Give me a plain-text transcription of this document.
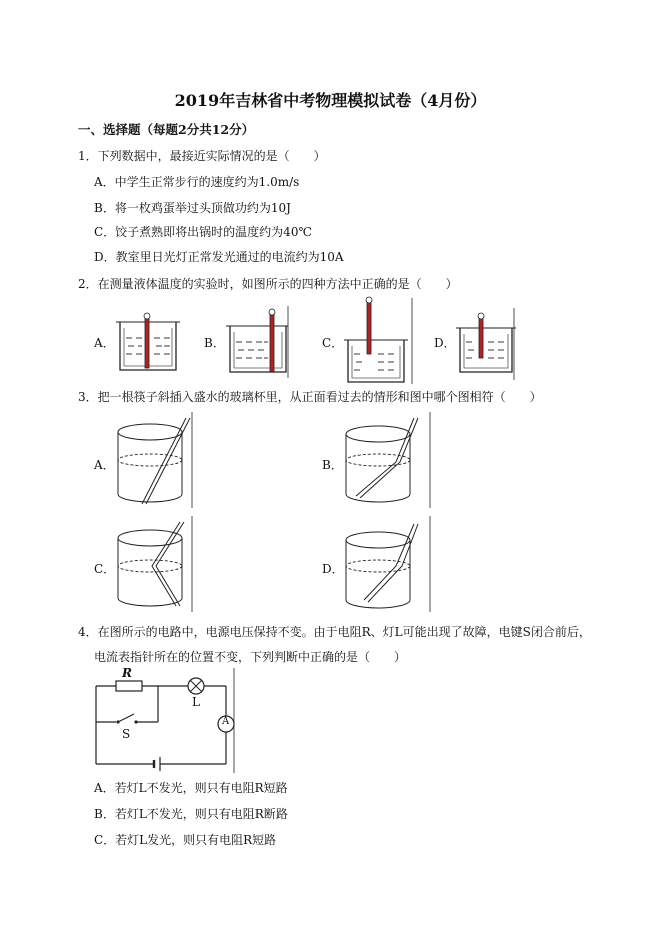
2019年吉林省中考物理模拟试卷（4月份）
一、选择题（每题2分共12分）
1．下列数据中，最接近实际情况的是（　　）
A．中学生正常步行的速度约为1.0m/s
B．将一枚鸡蛋举过头顶做功约为10J
C．饺子煮熟即将出锅时的温度约为40℃
D．教室里日光灯正常发光通过的电流约为10A
2．在测量液体温度的实验时，如图所示的四种方法中正确的是（　　）
A．	B．	C．	D．
3．把一根筷子斜插入盛水的玻璃杯里，从正面看过去的情形和图中哪个图相符（　　）
A．	B．
C．	D．
4．在图所示的电路中，电源电压保持不变。由于电阻R、灯L可能出现了故障，电键S闭合前后，
电流表指针所在的位置不变，下列判断中正确的是（　　）
R
L
S
A
A．若灯L不发光，则只有电阻R短路
B．若灯L不发光，则只有电阻R断路
C．若灯L发光，则只有电阻R短路
